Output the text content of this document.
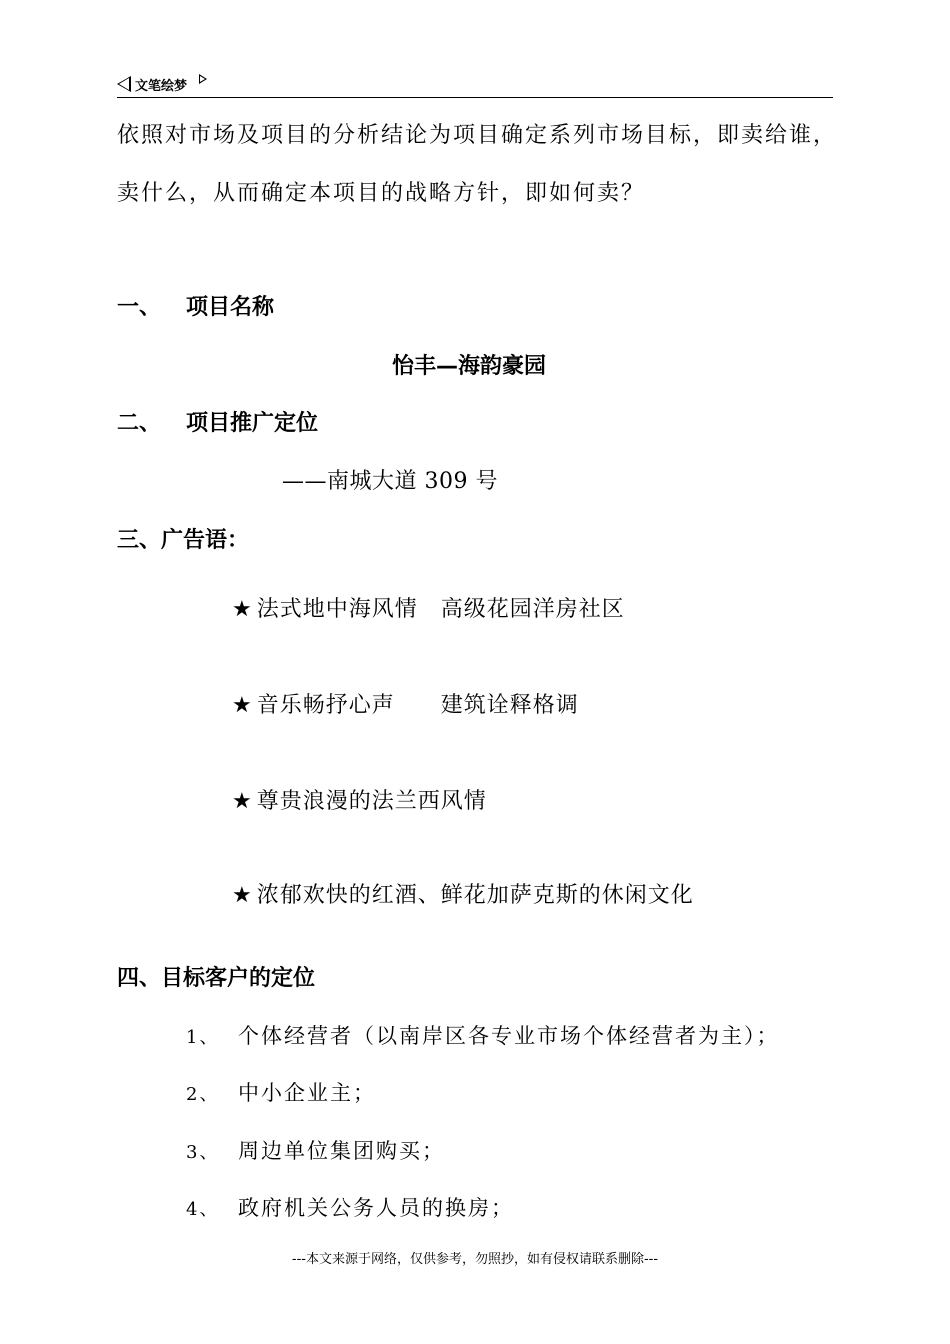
文笔绘梦
依照对市场及项目的分析结论为项目确定系列市场目标，即卖给谁，
卖什么，从而确定本项目的战略方针，即如何卖？
一、 项目名称
怡丰—海韵豪园
二、 项目推广定位
——南城大道 309 号
三、广告语：
★ 法式地中海风情　高级花园洋房社区
★ 音乐畅抒心声　　建筑诠释格调
★ 尊贵浪漫的法兰西风情
★ 浓郁欢快的红酒、鲜花加萨克斯的休闲文化
四、目标客户的定位
1、 个体经营者（以南岸区各专业市场个体经营者为主）；
2、 中小企业主；
3、 周边单位集团购买；
4、 政府机关公务人员的换房；
---本文来源于网络，仅供参考，勿照抄，如有侵权请联系删除---
